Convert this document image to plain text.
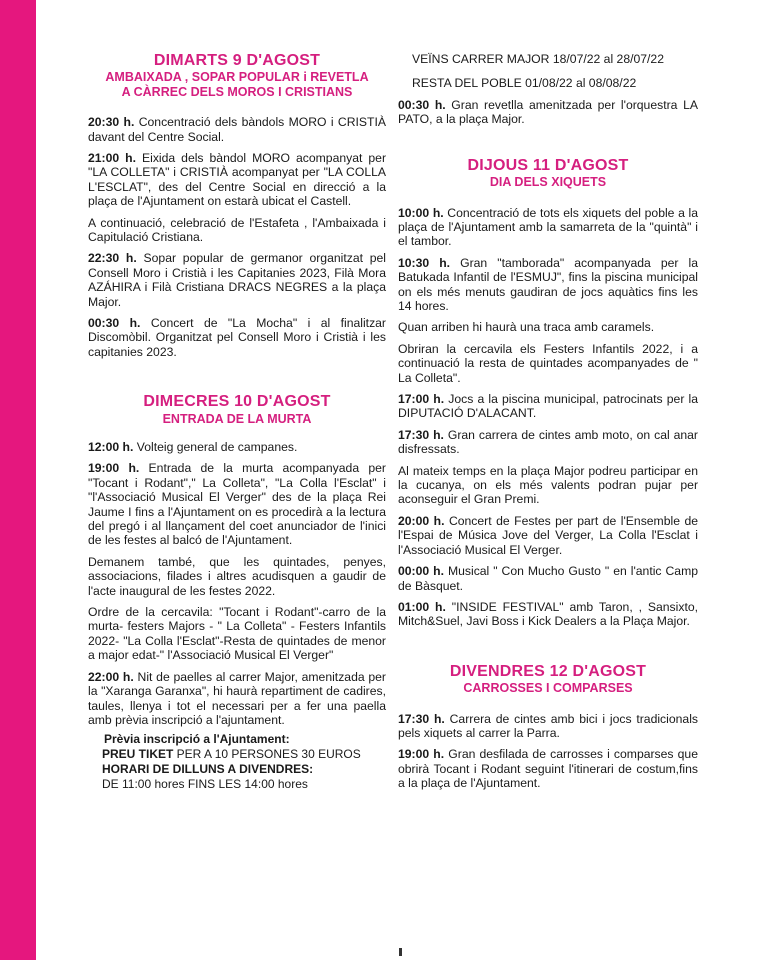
DIMARTS 9 D'AGOST
AMBAIXADA , SOPAR POPULAR i REVETLA
A CÀRREC DELS MOROS I CRISTIANS

20:30 h. Concentració dels bàndols MORO i CRISTIÀ davant del Centre Social.

21:00 h. Eixida dels bàndol MORO acompanyat per "LA COLLETA" i CRISTIÀ acompanyat per "LA COLLA L'ESCLAT", des del Centre Social en direcció a la plaça de l'Ajuntament on estarà ubicat el Castell.

A continuació, celebració de l'Estafeta , l'Ambaixada i Capitulació Cristiana.

22:30 h. Sopar popular de germanor organitzat pel Consell Moro i Cristià i les Capitanies 2023, Filà Mora AZÁHIRA i Filà Cristiana DRACS NEGRES a la plaça Major.

00:30 h. Concert de "La Mocha" i al finalitzar Discomòbil. Organitzat pel Consell Moro i Cristià i les capitanies 2023.

DIMECRES 10 D'AGOST
ENTRADA DE LA MURTA

12:00 h. Volteig general de campanes.

19:00 h. Entrada de la murta acompanyada per "Tocant i Rodant"," La Colleta", "La Colla l'Esclat" i "l'Associació Musical El Verger" des de la plaça Rei Jaume I fins a l'Ajuntament on es procedirà a la lectura del pregó i al llançament del coet anunciador de l'inici de les festes al balcó de l'Ajuntament.

Demanem també, que les quintades, penyes, associacions, filades i altres acudisquen a gaudir de l'acte inaugural de les festes 2022.

Ordre de la cercavila: "Tocant i Rodant"-carro de la murta- festers Majors - " La Colleta" - Festers Infantils 2022- "La Colla l'Esclat"-Resta de quintades de menor a major edat-" l'Associació Musical El Verger"

22:00 h. Nit de paelles al carrer Major, amenitzada per la "Xaranga Garanxa", hi haurà repartiment de cadires, taules, llenya i tot el necessari per a fer una paella amb prèvia inscripció a l'ajuntament.

Prèvia inscripció a l'Ajuntament:
PREU TIKET PER A 10 PERSONES 30 EUROS
HORARI DE DILLUNS A DIVENDRES:
DE 11:00 hores FINS LES 14:00 hores
VEÏNS CARRER MAJOR 18/07/22 al 28/07/22
RESTA DEL POBLE 01/08/22 al 08/08/22

00:30 h. Gran revetlla amenitzada per l'orquestra LA PATO, a la plaça Major.

DIJOUS 11 D'AGOST
DIA DELS XIQUETS

10:00 h. Concentració de tots els xiquets del poble a la plaça de l'Ajuntament amb la samarreta de la "quintà" i el tambor.

10:30 h. Gran "tamborada" acompanyada per la Batukada Infantil de l'ESMUJ", fins la piscina municipal on els més menuts gaudiran de jocs aquàtics fins les 14 hores.

Quan arriben hi haurà una traca amb caramels.

Obriran la cercavila els Festers Infantils 2022, i a continuació la resta de quintades acompanyades de " La Colleta".

17:00 h. Jocs a la piscina municipal, patrocinats per la DIPUTACIÓ D'ALACANT.

17:30 h. Gran carrera de cintes amb moto, on cal anar disfressats.

Al mateix temps en la plaça Major podreu participar en la cucanya, on els més valents podran pujar per aconseguir el Gran Premi.

20:00 h. Concert de Festes per part de l'Ensemble de l'Espai de Música Jove del Verger, La Colla l'Esclat i l'Associació Musical El Verger.

00:00 h. Musical " Con Mucho Gusto " en l'antic Camp de Bàsquet.

01:00 h. "INSIDE FESTIVAL" amb Taron, , Sansixto, Mitch&Suel, Javi Boss i Kick Dealers a la Plaça Major.

DIVENDRES 12 D'AGOST
CARROSSES I COMPARSES

17:30 h. Carrera de cintes amb bici i jocs tradicionals pels xiquets al carrer la Parra.

19:00 h. Gran desfilada de carrosses i comparses que obrirà Tocant i Rodant seguint l'itinerari de costum,fins a la plaça de l'Ajuntament.
